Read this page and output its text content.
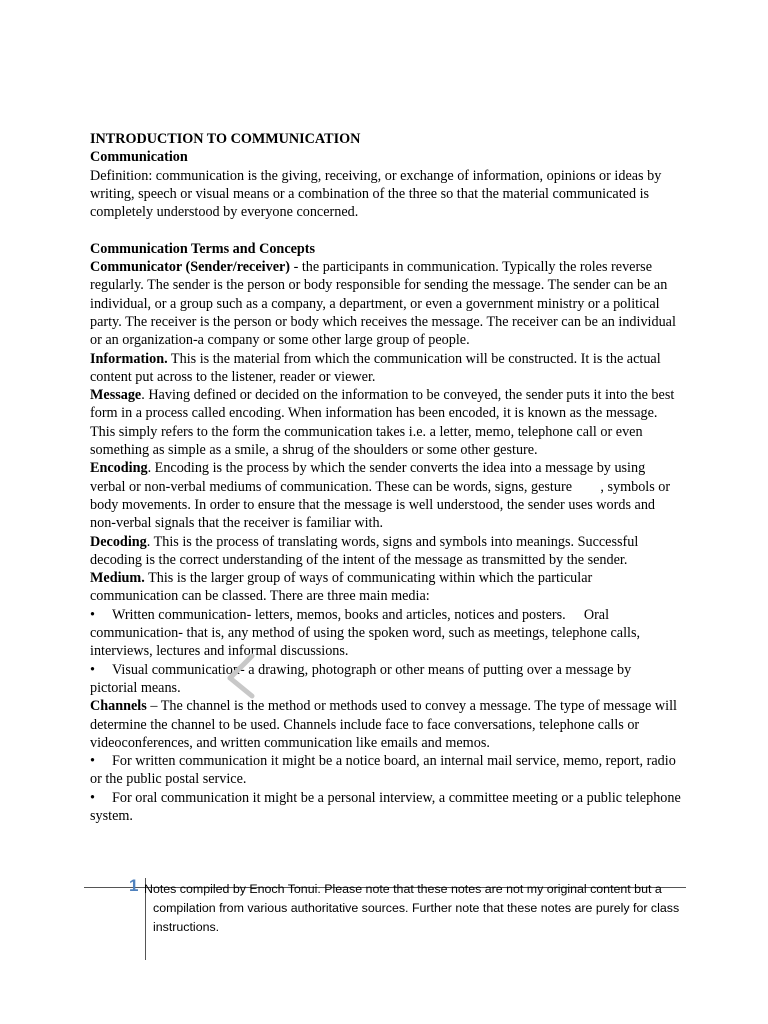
INTRODUCTION TO COMMUNICATION

Communication

Definition: communication is the giving, receiving, or exchange of information, opinions or ideas by writing, speech or visual means or a combination of the three so that the material communicated is completely understood by everyone concerned.

Communication Terms and Concepts

Communicator (Sender/receiver) - the participants in communication. Typically the roles reverse regularly. The sender is the person or body responsible for sending the message. The sender can be an individual, or a group such as a company, a department, or even a government ministry or a political party. The receiver is the person or body which receives the message. The receiver can be an individual or an organization-a company or some other large group of people.

Information. This is the material from which the communication will be constructed. It is the actual content put across to the listener, reader or viewer.

Message. Having defined or decided on the information to be conveyed, the sender puts it into the best form in a process called encoding. When information has been encoded, it is known as the message. This simply refers to the form the communication takes i.e. a letter, memo, telephone call or even something as simple as a smile, a shrug of the shoulders or some other gesture.

Encoding. Encoding is the process by which the sender converts the idea into a message by using verbal or non-verbal mediums of communication. These can be words, signs, gesture        , symbols or body movements. In order to ensure that the message is well understood, the sender uses words and non-verbal signals that the receiver is familiar with.

Decoding. This is the process of translating words, signs and symbols into meanings. Successful decoding is the correct understanding of the intent of the message as transmitted by the sender.

Medium. This is the larger group of ways of communicating within which the particular communication can be classed. There are three main media:

• Written communication- letters, memos, books and articles, notices and posters. Oral communication- that is, any method of using the spoken word, such as meetings, telephone calls, interviews, lectures and informal discussions.

• Visual communication- a drawing, photograph or other means of putting over a message by pictorial means.

Channels – The channel is the method or methods used to convey a message. The type of message will determine the channel to be used. Channels include face to face conversations, telephone calls or videoconferences, and written communication like emails and memos.

• For written communication it might be a notice board, an internal mail service, memo, report, radio or the public postal service.

• For oral communication it might be a personal interview, a committee meeting or a public telephone system.

1 Notes compiled by Enoch Tonui. Please note that these notes are not my original content but a
compilation from various authoritative sources. Further note that these notes are purely for class instructions.
